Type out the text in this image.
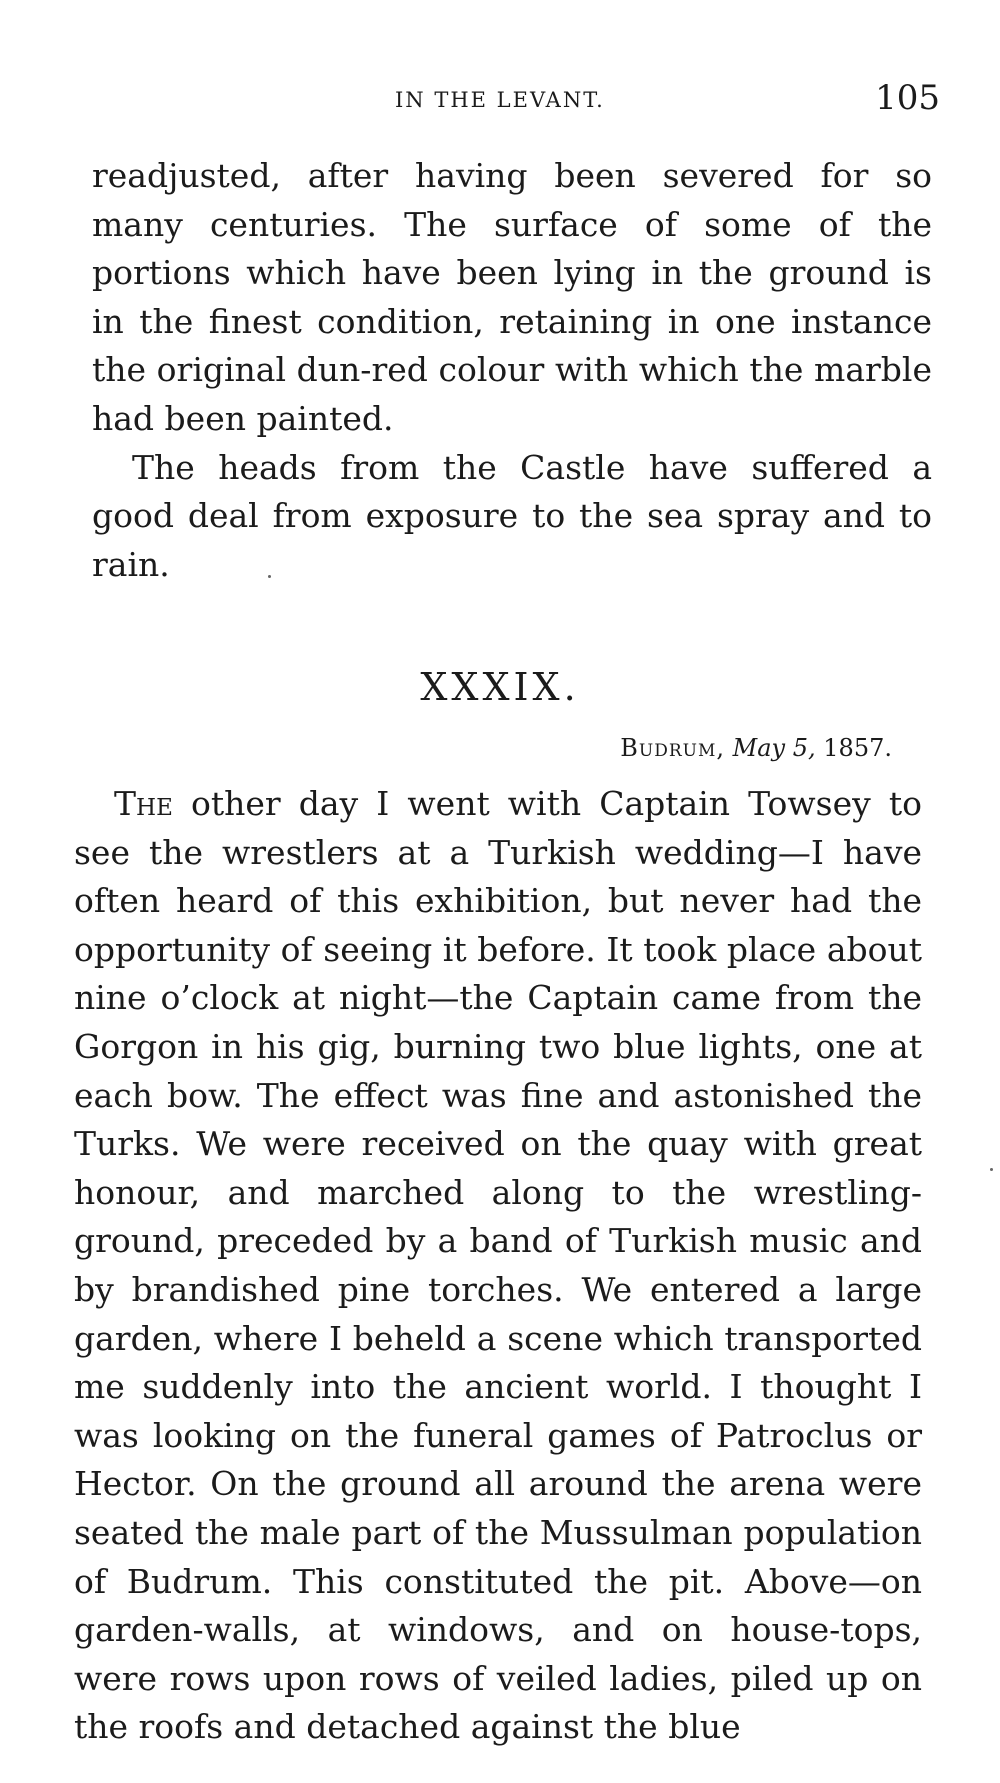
IN THE LEVANT.	105

readjusted, after having been severed for so many centuries. The surface of some of the portions which have been lying in the ground is in the finest condition, retaining in one instance the original dun-red colour with which the marble had been painted.

The heads from the Castle have suffered a good deal from exposure to the sea spray and to rain.

XXXIX.
Budrum, May 5, 1857.

The other day I went with Captain Towsey to see the wrestlers at a Turkish wedding—I have often heard of this exhibition, but never had the opportunity of seeing it before. It took place about nine o’clock at night—the Captain came from the Gorgon in his gig, burning two blue lights, one at each bow. The effect was fine and astonished the Turks. We were received on the quay with great honour, and marched along to the wrestling-ground, preceded by a band of Turkish music and by brandished pine torches. We entered a large garden, where I beheld a scene which transported me suddenly into the ancient world. I thought I was looking on the funeral games of Patroclus or Hector. On the ground all around the arena were seated the male part of the Mussulman population of Budrum. This constituted the pit. Above—on garden-walls, at windows, and on house-tops, were rows upon rows of veiled ladies, piled up on the roofs and detached against the blue
